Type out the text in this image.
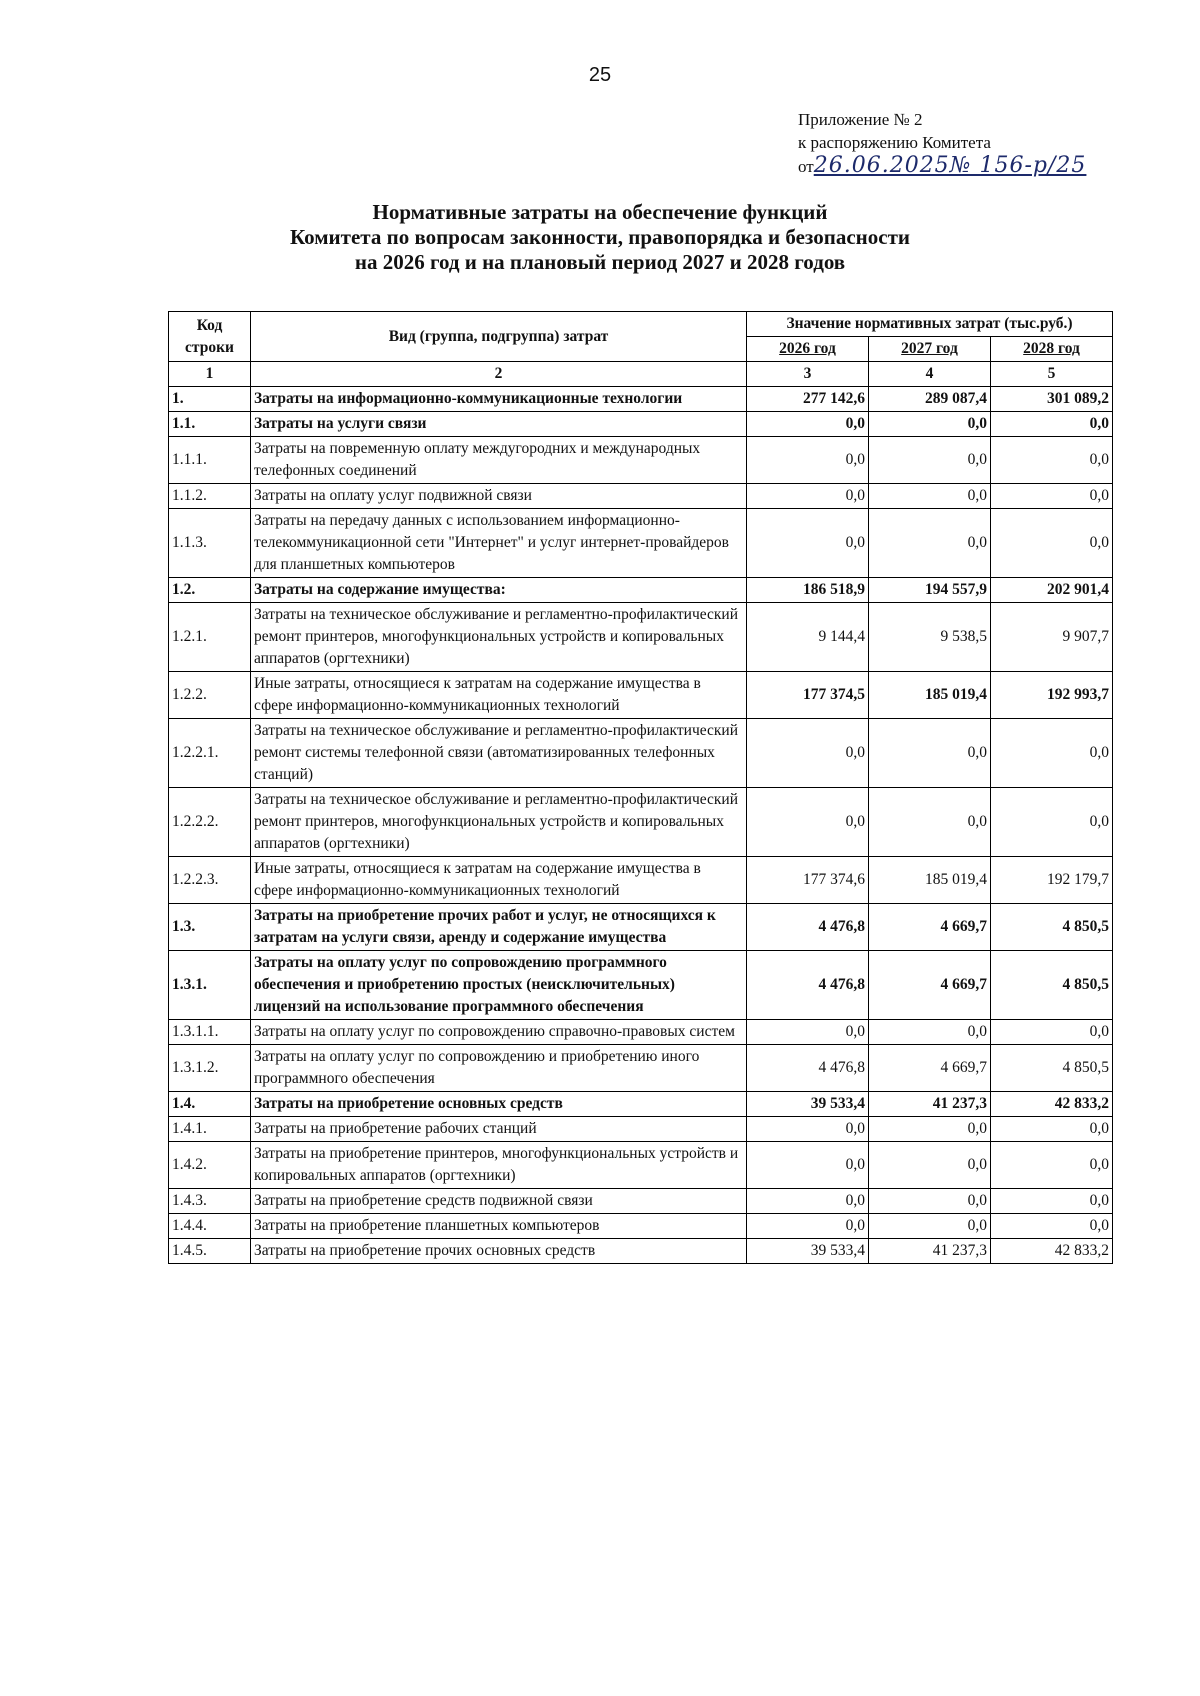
25
Приложение № 2
к распоряжению Комитета
от26.06.2025№ 156-р/25
Нормативные затраты на обеспечение функций
Комитета по вопросам законности, правопорядка и безопасности
на 2026 год и на плановый период 2027 и 2028 годов
Код строки	Вид (группа, подгруппа) затрат	Значение нормативных затрат (тыс.руб.)		
		2026 год	2027 год	2028 год
1	2	3	4	5
1.	Затраты на информационно-коммуникационные технологии	277 142,6	289 087,4	301 089,2
1.1.	Затраты на услуги связи	0,0	0,0	0,0
1.1.1.	Затраты на повременную оплату междугородних и международных телефонных соединений	0,0	0,0	0,0
1.1.2.	Затраты на оплату услуг подвижной связи	0,0	0,0	0,0
1.1.3.	Затраты на передачу данных с использованием информационно-телекоммуникационной сети "Интернет" и услуг интернет-провайдеров для планшетных компьютеров	0,0	0,0	0,0
1.2.	Затраты на содержание имущества:	186 518,9	194 557,9	202 901,4
1.2.1.	Затраты на техническое обслуживание и регламентно-профилактический ремонт принтеров, многофункциональных устройств и копировальных аппаратов (оргтехники)	9 144,4	9 538,5	9 907,7
1.2.2.	Иные затраты, относящиеся к затратам на содержание имущества в сфере информационно-коммуникационных технологий	177 374,5	185 019,4	192 993,7
1.2.2.1.	Затраты на техническое обслуживание и регламентно-профилактический ремонт системы телефонной связи (автоматизированных телефонных станций)	0,0	0,0	0,0
1.2.2.2.	Затраты на техническое обслуживание и регламентно-профилактический ремонт принтеров, многофункциональных устройств и копировальных аппаратов (оргтехники)	0,0	0,0	0,0
1.2.2.3.	Иные затраты, относящиеся к затратам на содержание имущества в сфере информационно-коммуникационных технологий	177 374,6	185 019,4	192 179,7
1.3.	Затраты на приобретение прочих работ и услуг, не относящихся к затратам на услуги связи, аренду и содержание имущества	4 476,8	4 669,7	4 850,5
1.3.1.	Затраты на оплату услуг по сопровождению программного обеспечения и приобретению простых (неисключительных) лицензий на использование программного обеспечения	4 476,8	4 669,7	4 850,5
1.3.1.1.	Затраты на оплату услуг по сопровождению справочно-правовых систем	0,0	0,0	0,0
1.3.1.2.	Затраты на оплату услуг по сопровождению и приобретению иного программного обеспечения	4 476,8	4 669,7	4 850,5
1.4.	Затраты на приобретение основных средств	39 533,4	41 237,3	42 833,2
1.4.1.	Затраты на приобретение рабочих станций	0,0	0,0	0,0
1.4.2.	Затраты на приобретение принтеров, многофункциональных устройств и копировальных аппаратов (оргтехники)	0,0	0,0	0,0
1.4.3.	Затраты на приобретение средств подвижной связи	0,0	0,0	0,0
1.4.4.	Затраты на приобретение планшетных компьютеров	0,0	0,0	0,0
1.4.5.	Затраты на приобретение прочих основных средств	39 533,4	41 237,3	42 833,2
